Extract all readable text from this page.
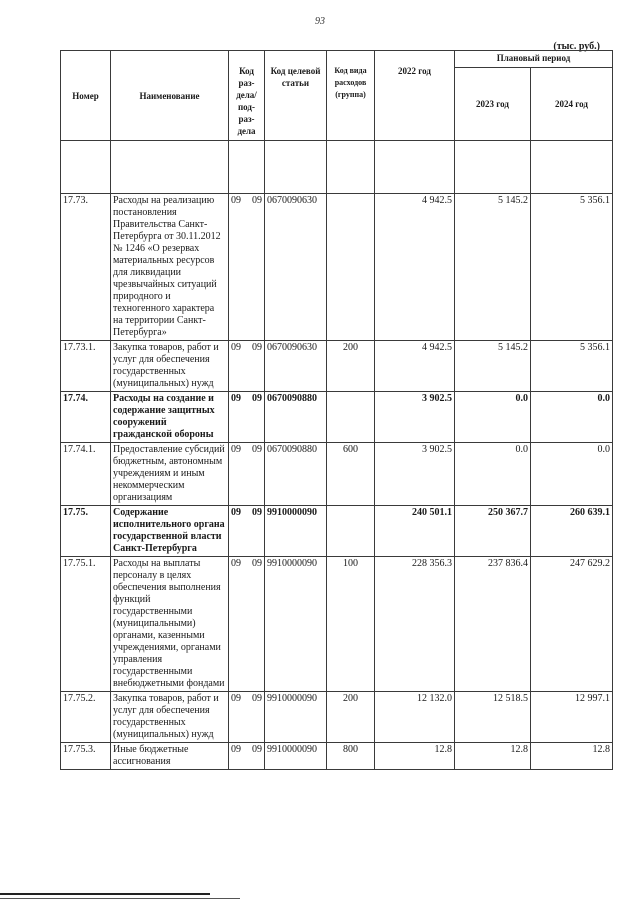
93
(тыс. руб.)
Номер	Наименование	Код раз- дела/ под- раз- дела	Код целевой статьи	Код вида расходов (группа)	2022 год	Плановый период	
						2023 год	2024 год

17.73.	Расходы на реализацию постановления Правительства Санкт-Петербурга от 30.11.2012 № 1246 «О резервах материальных ресурсов для ликвидации чрезвычайных ситуаций природного и техногенного характера на территории Санкт-Петербурга»	09 09	0670090630		4 942.5	5 145.2	5 356.1
17.73.1.	Закупка товаров, работ и услуг для обеспечения государственных (муниципальных) нужд	09 09	0670090630	200	4 942.5	5 145.2	5 356.1
17.74.	Расходы на создание и содержание защитных сооружений гражданской обороны	09 09	0670090880		3 902.5	0.0	0.0
17.74.1.	Предоставление субсидий бюджетным, автономным учреждениям и иным некоммерческим организациям	09 09	0670090880	600	3 902.5	0.0	0.0
17.75.	Содержание исполнительного органа государственной власти Санкт-Петербурга	09 09	9910000090		240 501.1	250 367.7	260 639.1
17.75.1.	Расходы на выплаты персоналу в целях обеспечения выполнения функций государственными (муниципальными) органами, казенными учреждениями, органами управления государственными внебюджетными фондами	09 09	9910000090	100	228 356.3	237 836.4	247 629.2
17.75.2.	Закупка товаров, работ и услуг для обеспечения государственных (муниципальных) нужд	09 09	9910000090	200	12 132.0	12 518.5	12 997.1
17.75.3.	Иные бюджетные ассигнования	09 09	9910000090	800	12.8	12.8	12.8
